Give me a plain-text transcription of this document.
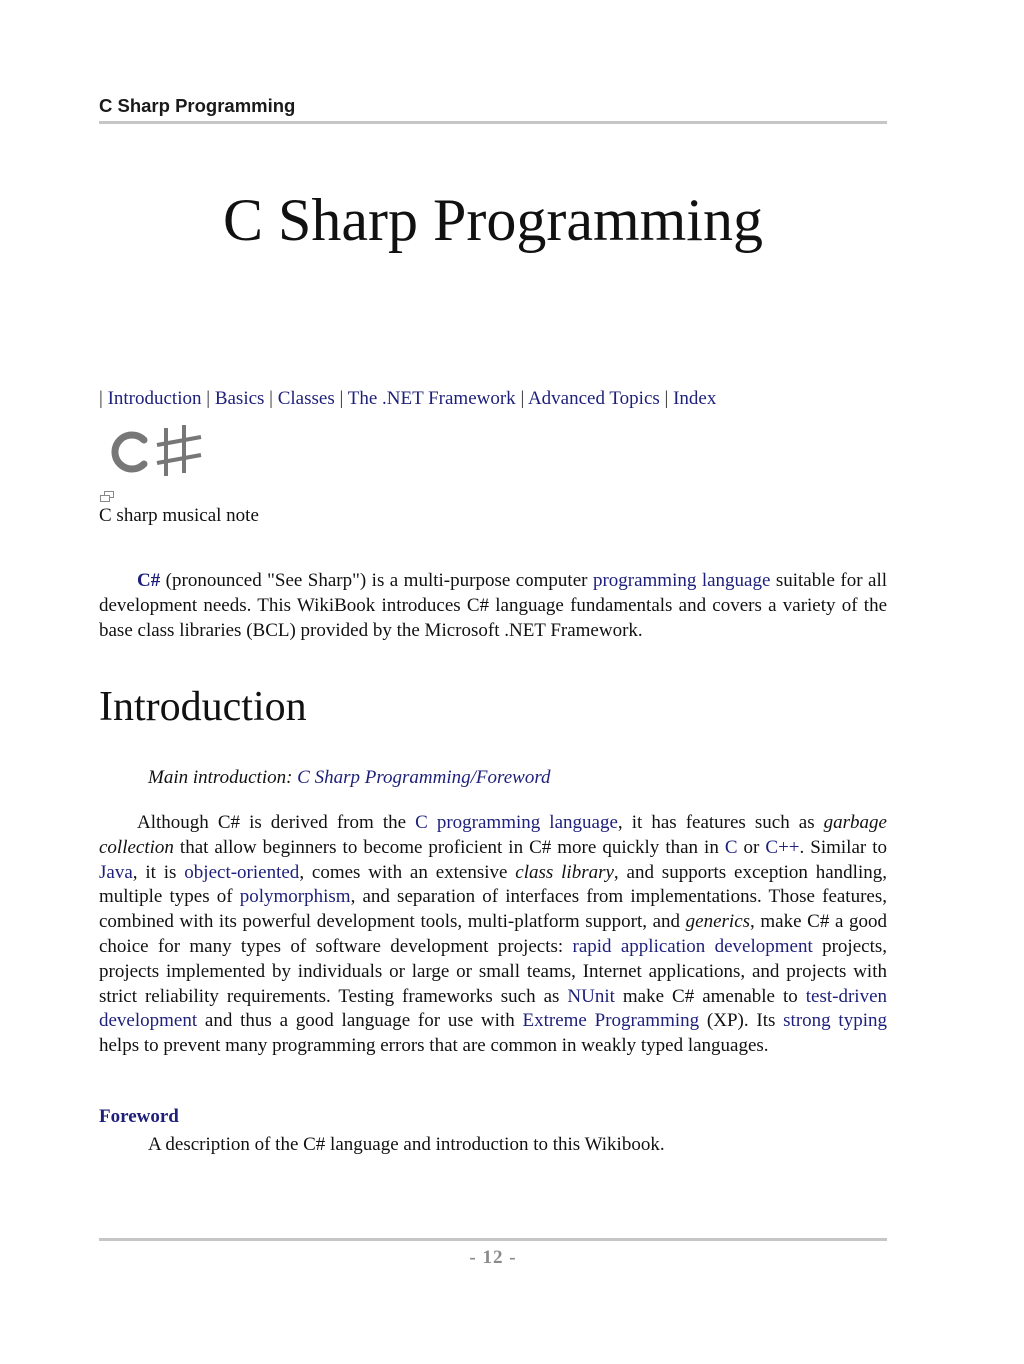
C Sharp Programming
C Sharp Programming
| Introduction | Basics | Classes | The .NET Framework | Advanced Topics | Index
C sharp musical note
C# (pronounced "See Sharp") is a multi-purpose computer programming language suitable for all development needs. This WikiBook introduces C# language fundamentals and covers a variety of the base class libraries (BCL) provided by the Microsoft .NET Framework.
Introduction
Main introduction: C Sharp Programming/Foreword
Although C# is derived from the C programming language, it has features such as garbage collection that allow beginners to become proficient in C# more quickly than in C or C++. Similar to Java, it is object-oriented, comes with an extensive class library, and supports exception handling, multiple types of polymorphism, and separation of interfaces from implementations. Those features, combined with its powerful development tools, multi-platform support, and generics, make C# a good choice for many types of software development projects: rapid application development projects, projects implemented by individuals or large or small teams, Internet applications, and projects with strict reliability requirements. Testing frameworks such as NUnit make C# amenable to test-driven development and thus a good language for use with Extreme Programming (XP). Its strong typing helps to prevent many programming errors that are common in weakly typed languages.
Foreword
A description of the C# language and introduction to this Wikibook.
- 12 -
